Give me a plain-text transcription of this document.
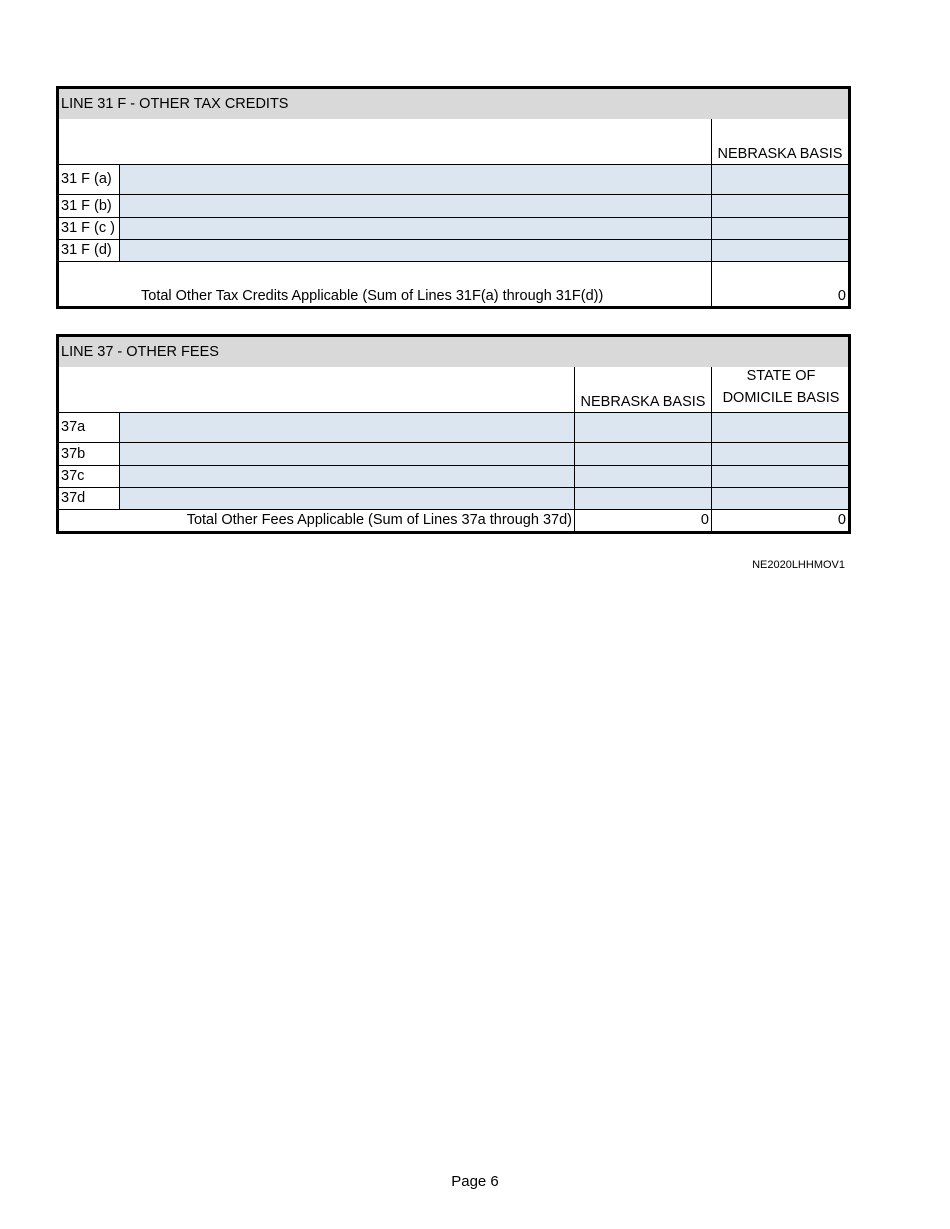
LINE 31 F - OTHER TAX CREDITS
NEBRASKA BASIS
31 F (a)
31 F (b)
31 F (c )
31 F (d)
Total Other Tax Credits Applicable (Sum of Lines 31F(a) through 31F(d))	0
LINE 37 - OTHER FEES
NEBRASKA BASIS
STATE OF
DOMICILE BASIS
37a
37b
37c
37d
Total Other Fees Applicable (Sum of Lines 37a through 37d)	0	0
NE2020LHHMOV1
Page 6
